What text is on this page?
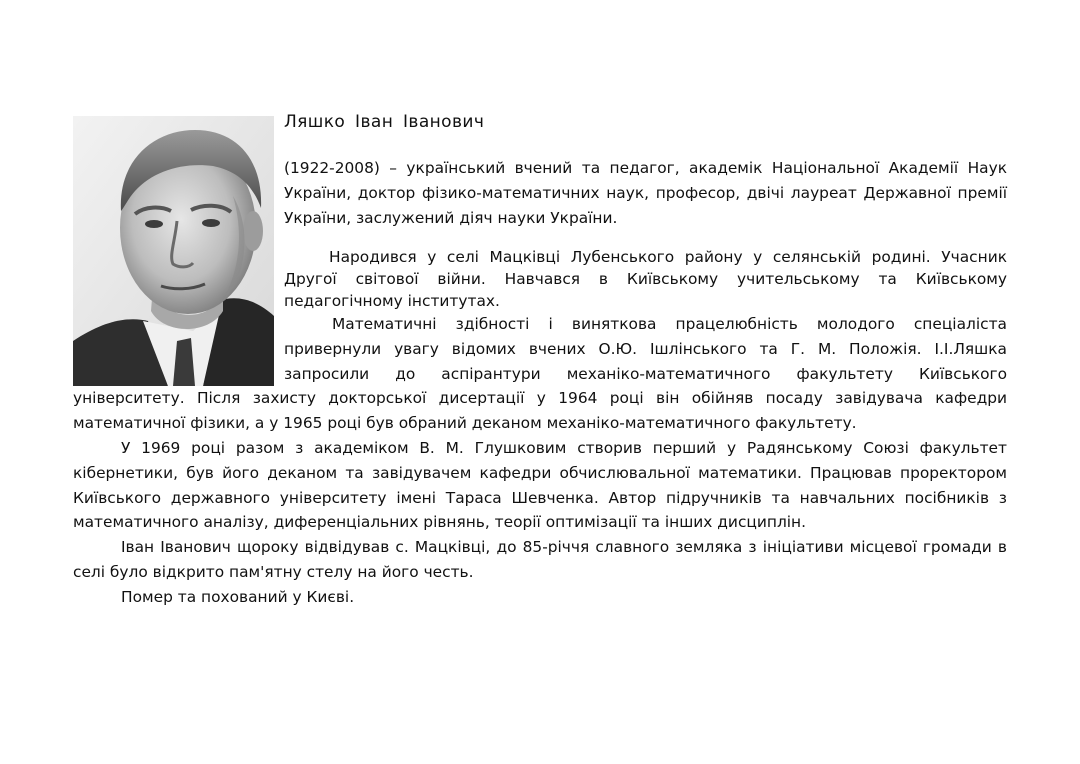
Ляшко Іван Іванович

(1922-2008) – український вчений та педагог, академік Національної Академії Наук України, доктор фізико-математичних наук, професор, двічі лауреат Державної премії України, заслужений діяч науки України.

Народився у селі Мацківці Лубенського району у селянській родині. Учасник Другої світової війни. Навчався в Київському учительському та Київському педагогічному інститутах.

Математичні здібності і виняткова працелюбність молодого спеціаліста привернули увагу відомих вчених О.Ю. Ішлінського та Г. М. Положія. І.І.Ляшка запросили до аспірантури механіко-математичного факультету Київського університету. Після захисту докторської дисертації у 1964 році він обійняв посаду завідувача кафедри математичної фізики, а у 1965 році був обраний деканом механіко-математичного факультету.

У 1969 році разом з академіком В. М. Глушковим створив перший у Радянському Союзі факультет кібернетики, був його деканом та завідувачем кафедри обчислювальної математики. Працював проректором Київського державного університету імені Тараса Шевченка. Автор підручників та навчальних посібників з математичного аналізу, диференціальних рівнянь, теорії оптимізації та інших дисциплін.

Іван Іванович щороку відвідував с. Мацківці, до 85-річчя славного земляка з ініціативи місцевої громади в селі було відкрито пам'ятну стелу на його честь.

Помер та похований у Києві.
